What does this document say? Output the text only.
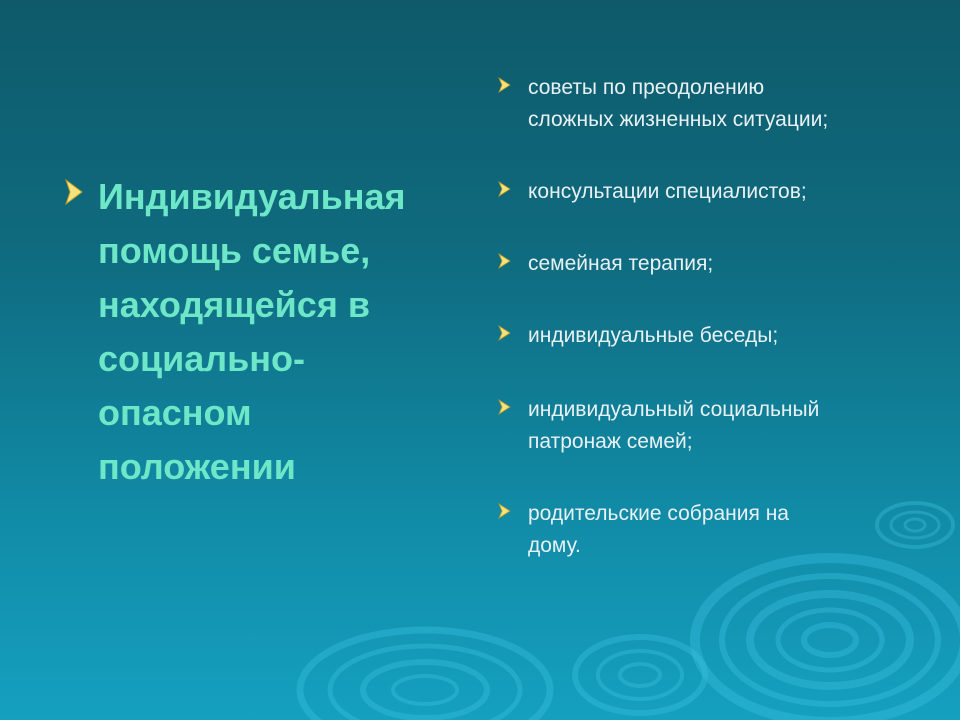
Индивидуальная
помощь семье,
находящейся в
социально-
опасном
положении

советы по преодолению
сложных жизненных ситуации;
консультации специалистов;
семейная терапия;
индивидуальные беседы;
индивидуальный социальный
патронаж семей;
родительские собрания на
дому.
